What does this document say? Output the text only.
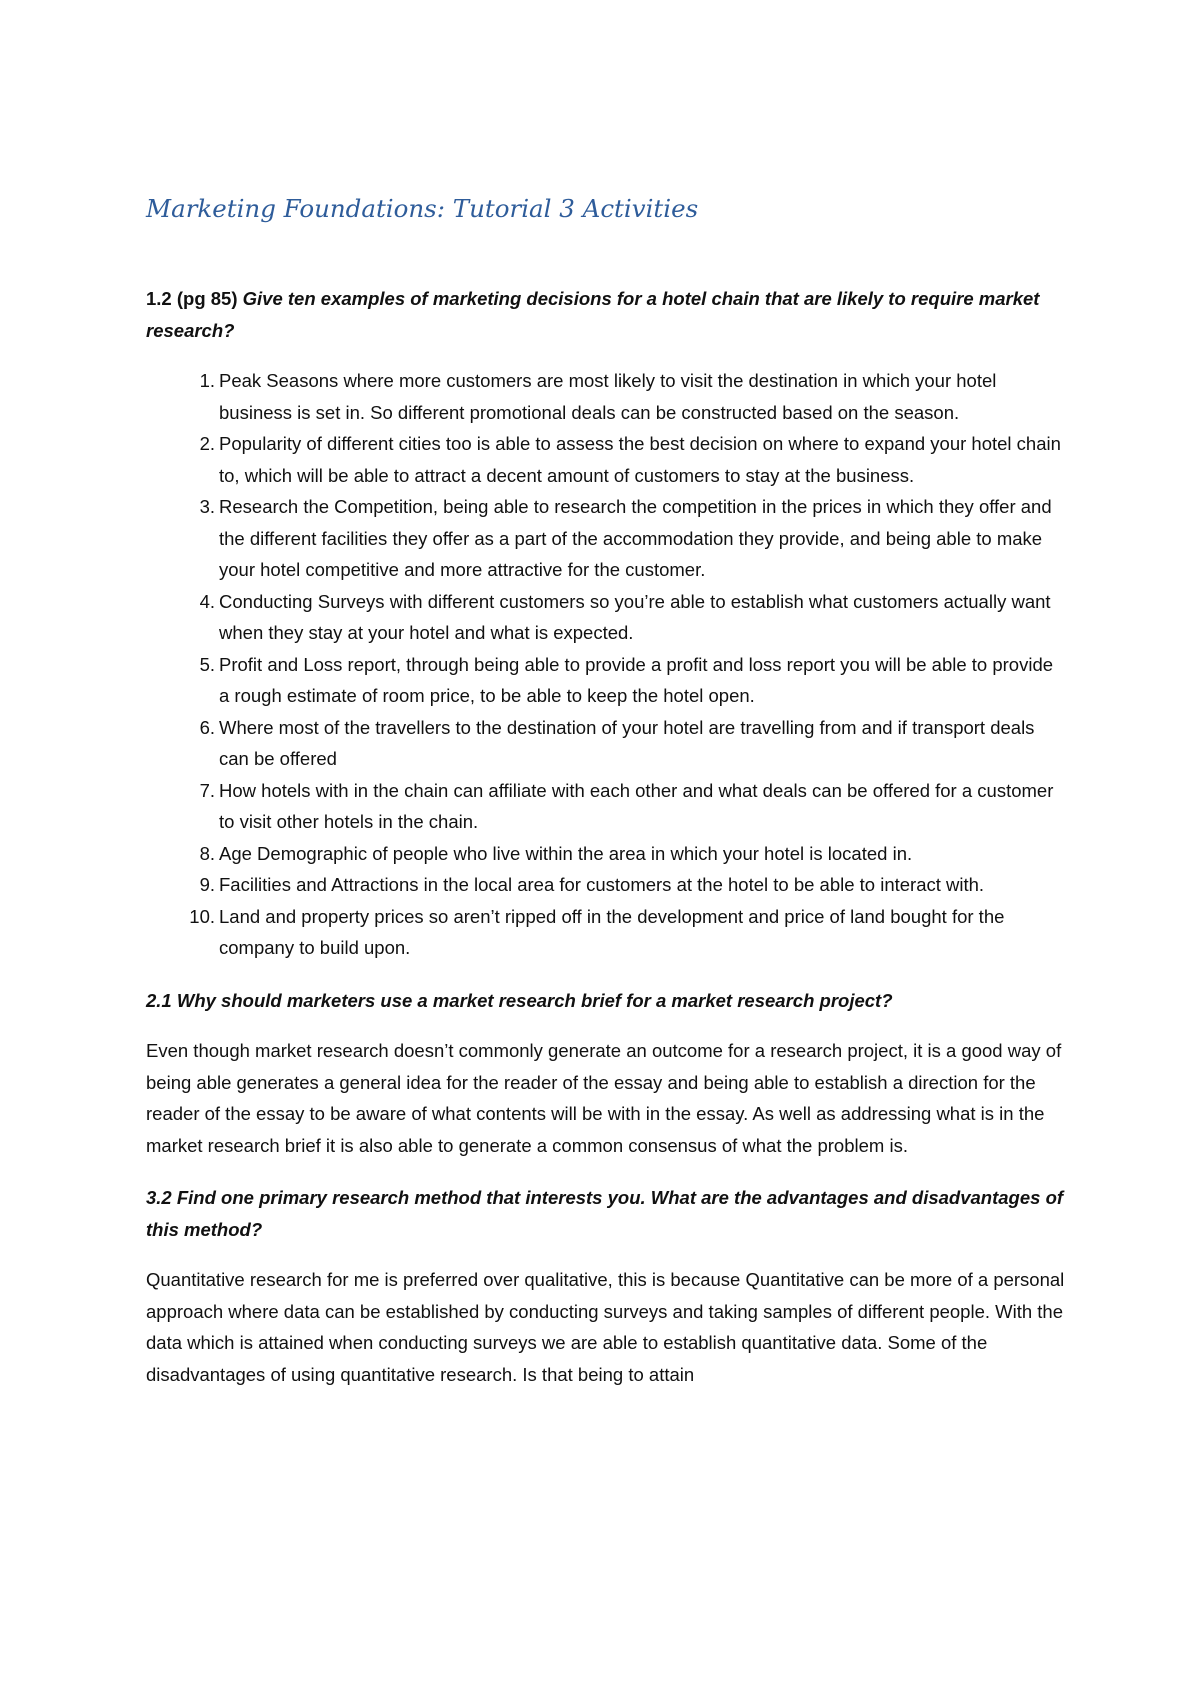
Marketing Foundations: Tutorial 3 Activities

1.2 (pg 85) Give ten examples of marketing decisions for a hotel chain that are likely to require market research?

1. Peak Seasons where more customers are most likely to visit the destination in which your hotel business is set in. So different promotional deals can be constructed based on the season.
2. Popularity of different cities too is able to assess the best decision on where to expand your hotel chain to, which will be able to attract a decent amount of customers to stay at the business.
3. Research the Competition, being able to research the competition in the prices in which they offer and the different facilities they offer as a part of the accommodation they provide, and being able to make your hotel competitive and more attractive for the customer.
4. Conducting Surveys with different customers so you’re able to establish what customers actually want when they stay at your hotel and what is expected.
5. Profit and Loss report, through being able to provide a profit and loss report you will be able to provide a rough estimate of room price, to be able to keep the hotel open.
6. Where most of the travellers to the destination of your hotel are travelling from and if transport deals can be offered
7. How hotels with in the chain can affiliate with each other and what deals can be offered for a customer to visit other hotels in the chain.
8. Age Demographic of people who live within the area in which your hotel is located in.
9. Facilities and Attractions in the local area for customers at the hotel to be able to interact with.
10. Land and property prices so aren’t ripped off in the development and price of land bought for the company to build upon.

2.1 Why should marketers use a market research brief for a market research project?

Even though market research doesn’t commonly generate an outcome for a research project, it is a good way of being able generates a general idea for the reader of the essay and being able to establish a direction for the reader of the essay to be aware of what contents will be with in the essay. As well as addressing what is in the market research brief it is also able to generate a common consensus of what the problem is.

3.2 Find one primary research method that interests you. What are the advantages and disadvantages of this method?

Quantitative research for me is preferred over qualitative, this is because Quantitative can be more of a personal approach where data can be established by conducting surveys and taking samples of different people. With the data which is attained when conducting surveys we are able to establish quantitative data. Some of the disadvantages of using quantitative research. Is that being to attain
